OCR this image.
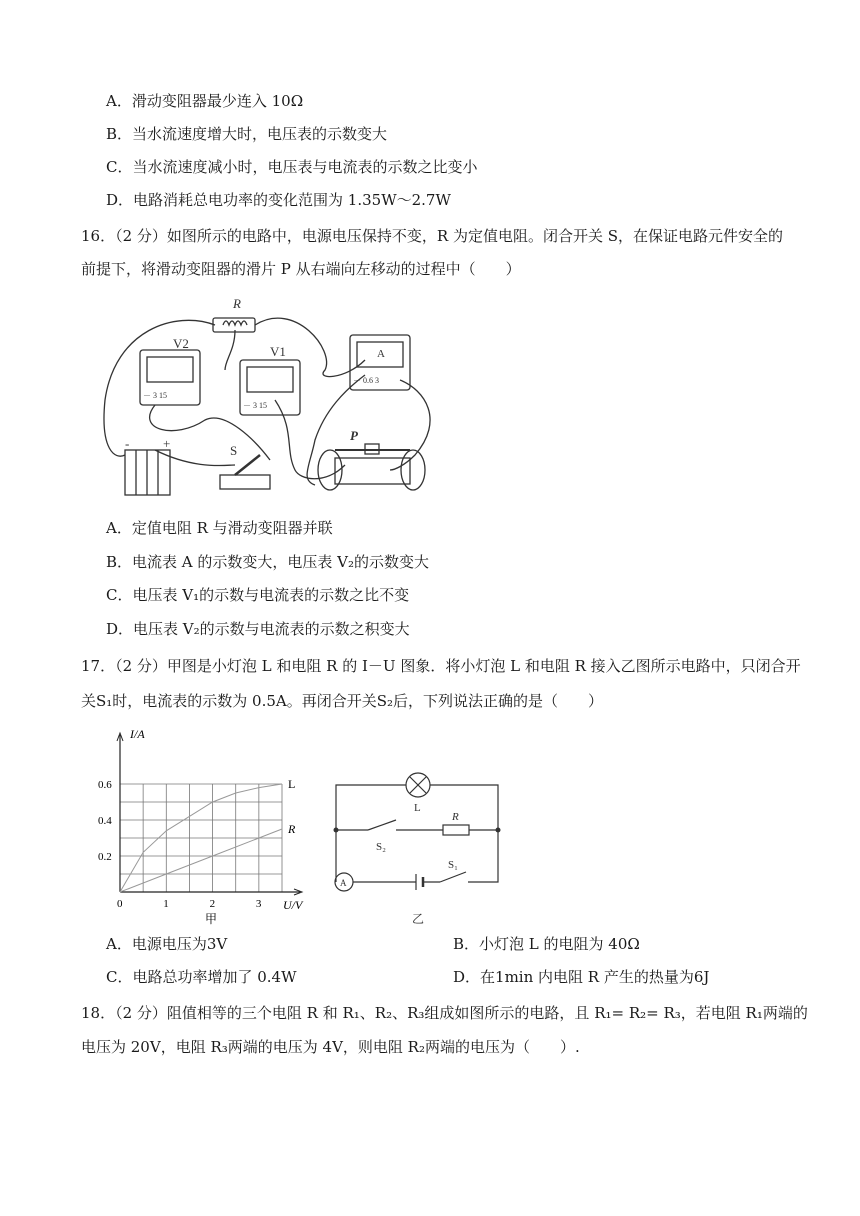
A．滑动变阻器最少连入 10Ω
B．当水流速度增大时，电压表的示数变大
C．当水流速度减小时，电压表与电流表的示数之比变小
D．电路消耗总电功率的变化范围为 1.35W～2.7W
16．（2 分）如图所示的电路中，电源电压保持不变，R 为定值电阻。闭合开关 S，在保证电路元件安全的
前提下，将滑动变阻器的滑片 P 从右端向左移动的过程中（　　）
R
V2
V1	A
S
P
－ 3 15
－ 3 15
－ 0.6 3
+
-
A．定值电阻 R 与滑动变阻器并联
B．电流表 A 的示数变大，电压表 V₂的示数变大
C．电压表 V₁的示数与电流表的示数之比不变
D．电压表 V₂的示数与电流表的示数之积变大
17．（2 分）甲图是小灯泡 L 和电阻 R 的 I－U 图象．将小灯泡 L 和电阻 R 接入乙图所示电路中，只闭合开
关S₁时，电流表的示数为 0.5A。再闭合开关S₂后，下列说法正确的是（　　）
0.6
0.4
0.2
0	1	2	3
L
R
I/A
U/V
甲
L
R
S₂
S₁
A
乙
A．电源电压为3V	B．小灯泡 L 的电阻为 40Ω
C．电路总功率增加了 0.4W	D．在1min 内电阻 R 产生的热量为6J
18．（2 分）阻值相等的三个电阻 R 和 R₁、R₂、R₃组成如图所示的电路，且 R₁= R₂= R₃，若电阻 R₁两端的
电压为 20V，电阻 R₃两端的电压为 4V，则电阻 R₂两端的电压为（　　）.
